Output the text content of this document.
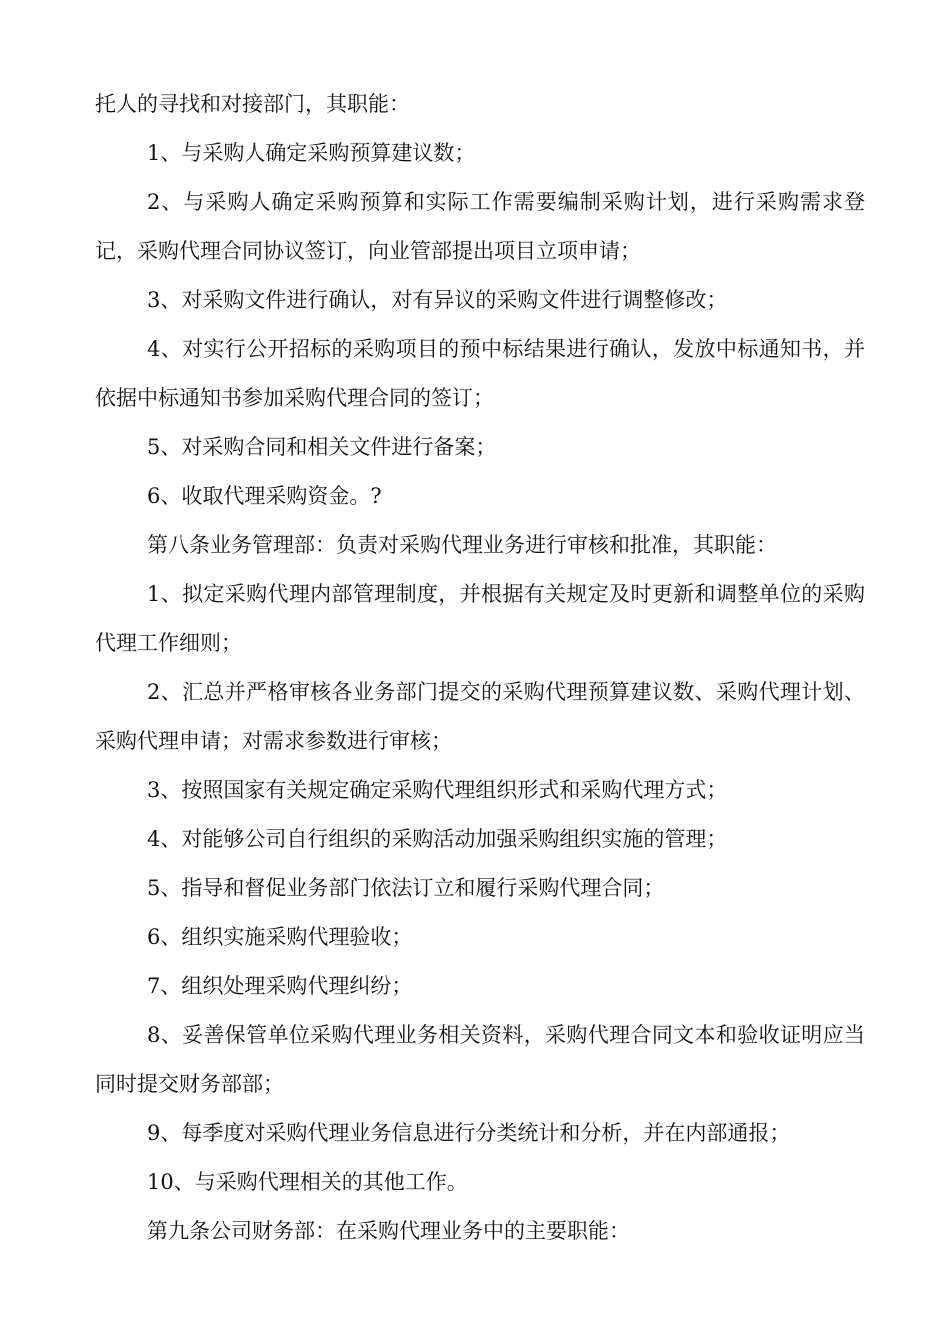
托人的寻找和对接部门，其职能：

1、与采购人确定采购预算建议数；

2、与采购人确定采购预算和实际工作需要编制采购计划，进行采购需求登记，采购代理合同协议签订，向业管部提出项目立项申请；

3、对采购文件进行确认，对有异议的采购文件进行调整修改；

4、对实行公开招标的采购项目的预中标结果进行确认，发放中标通知书，并依据中标通知书参加采购代理合同的签订；

5、对采购合同和相关文件进行备案；

6、收取代理采购资金。?

第八条业务管理部：负责对采购代理业务进行审核和批准，其职能：

1、拟定采购代理内部管理制度，并根据有关规定及时更新和调整单位的采购代理工作细则；

2、汇总并严格审核各业务部门提交的采购代理预算建议数、采购代理计划、采购代理申请；对需求参数进行审核；

3、按照国家有关规定确定采购代理组织形式和采购代理方式；

4、对能够公司自行组织的采购活动加强采购组织实施的管理；

5、指导和督促业务部门依法订立和履行采购代理合同；

6、组织实施采购代理验收；

7、组织处理采购代理纠纷；

8、妥善保管单位采购代理业务相关资料，采购代理合同文本和验收证明应当同时提交财务部部；

9、每季度对采购代理业务信息进行分类统计和分析，并在内部通报；

10、与采购代理相关的其他工作。

第九条公司财务部：在采购代理业务中的主要职能：
